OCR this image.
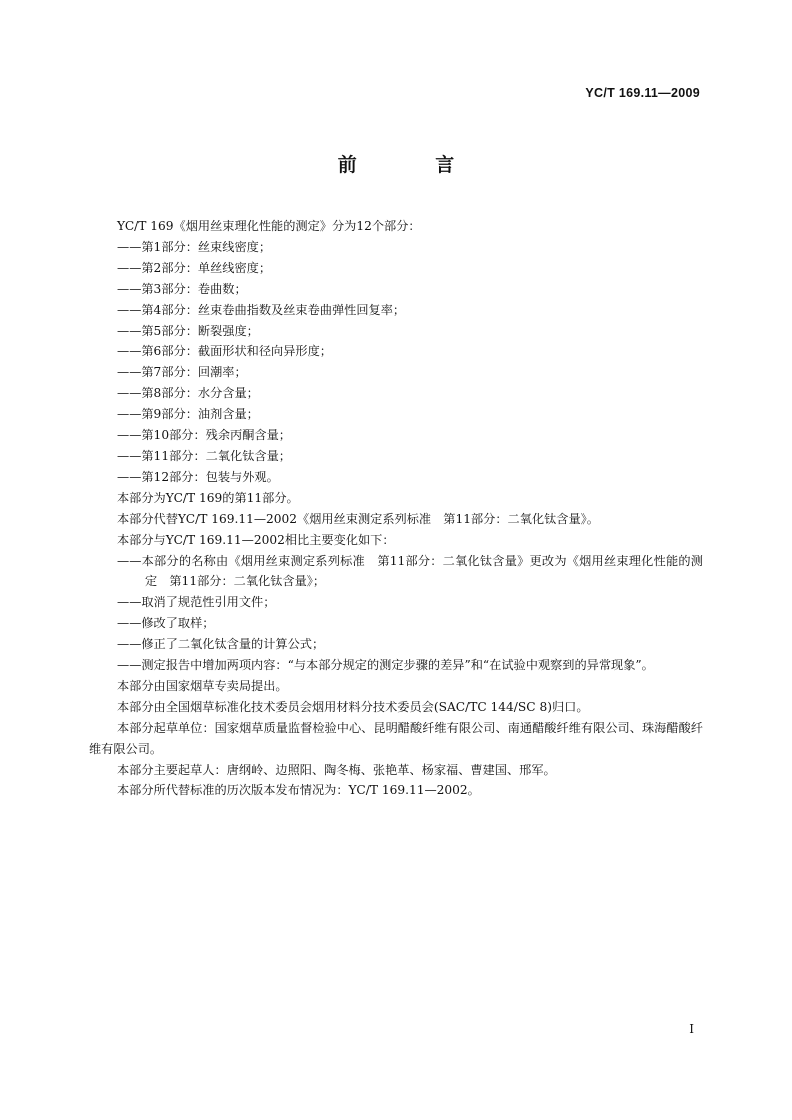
YC/T 169.11—2009
前 言

YC/T 169《烟用丝束理化性能的测定》分为12个部分：

——第1部分：丝束线密度；

——第2部分：单丝线密度；

——第3部分：卷曲数；

——第4部分：丝束卷曲指数及丝束卷曲弹性回复率；

——第5部分：断裂强度；

——第6部分：截面形状和径向异形度；

——第7部分：回潮率；

——第8部分：水分含量；

——第9部分：油剂含量；

——第10部分：残余丙酮含量；

——第11部分：二氧化钛含量；

——第12部分：包装与外观。

本部分为YC/T 169的第11部分。

本部分代替YC/T 169.11—2002《烟用丝束测定系列标准　第11部分：二氧化钛含量》。

本部分与YC/T 169.11—2002相比主要变化如下：

——本部分的名称由《烟用丝束测定系列标准　第11部分：二氧化钛含量》更改为《烟用丝束理化性能的测定　第11部分：二氧化钛含量》；

——取消了规范性引用文件；

——修改了取样；

——修正了二氧化钛含量的计算公式；

——测定报告中增加两项内容：“与本部分规定的测定步骤的差异”和“在试验中观察到的异常现象”。

本部分由国家烟草专卖局提出。

本部分由全国烟草标准化技术委员会烟用材料分技术委员会(SAC/TC 144/SC 8)归口。

本部分起草单位：国家烟草质量监督检验中心、昆明醋酸纤维有限公司、南通醋酸纤维有限公司、珠海醋酸纤维有限公司。

本部分主要起草人：唐纲岭、边照阳、陶冬梅、张艳革、杨家福、曹建国、邢军。

本部分所代替标准的历次版本发布情况为：YC/T 169.11—2002。

I
